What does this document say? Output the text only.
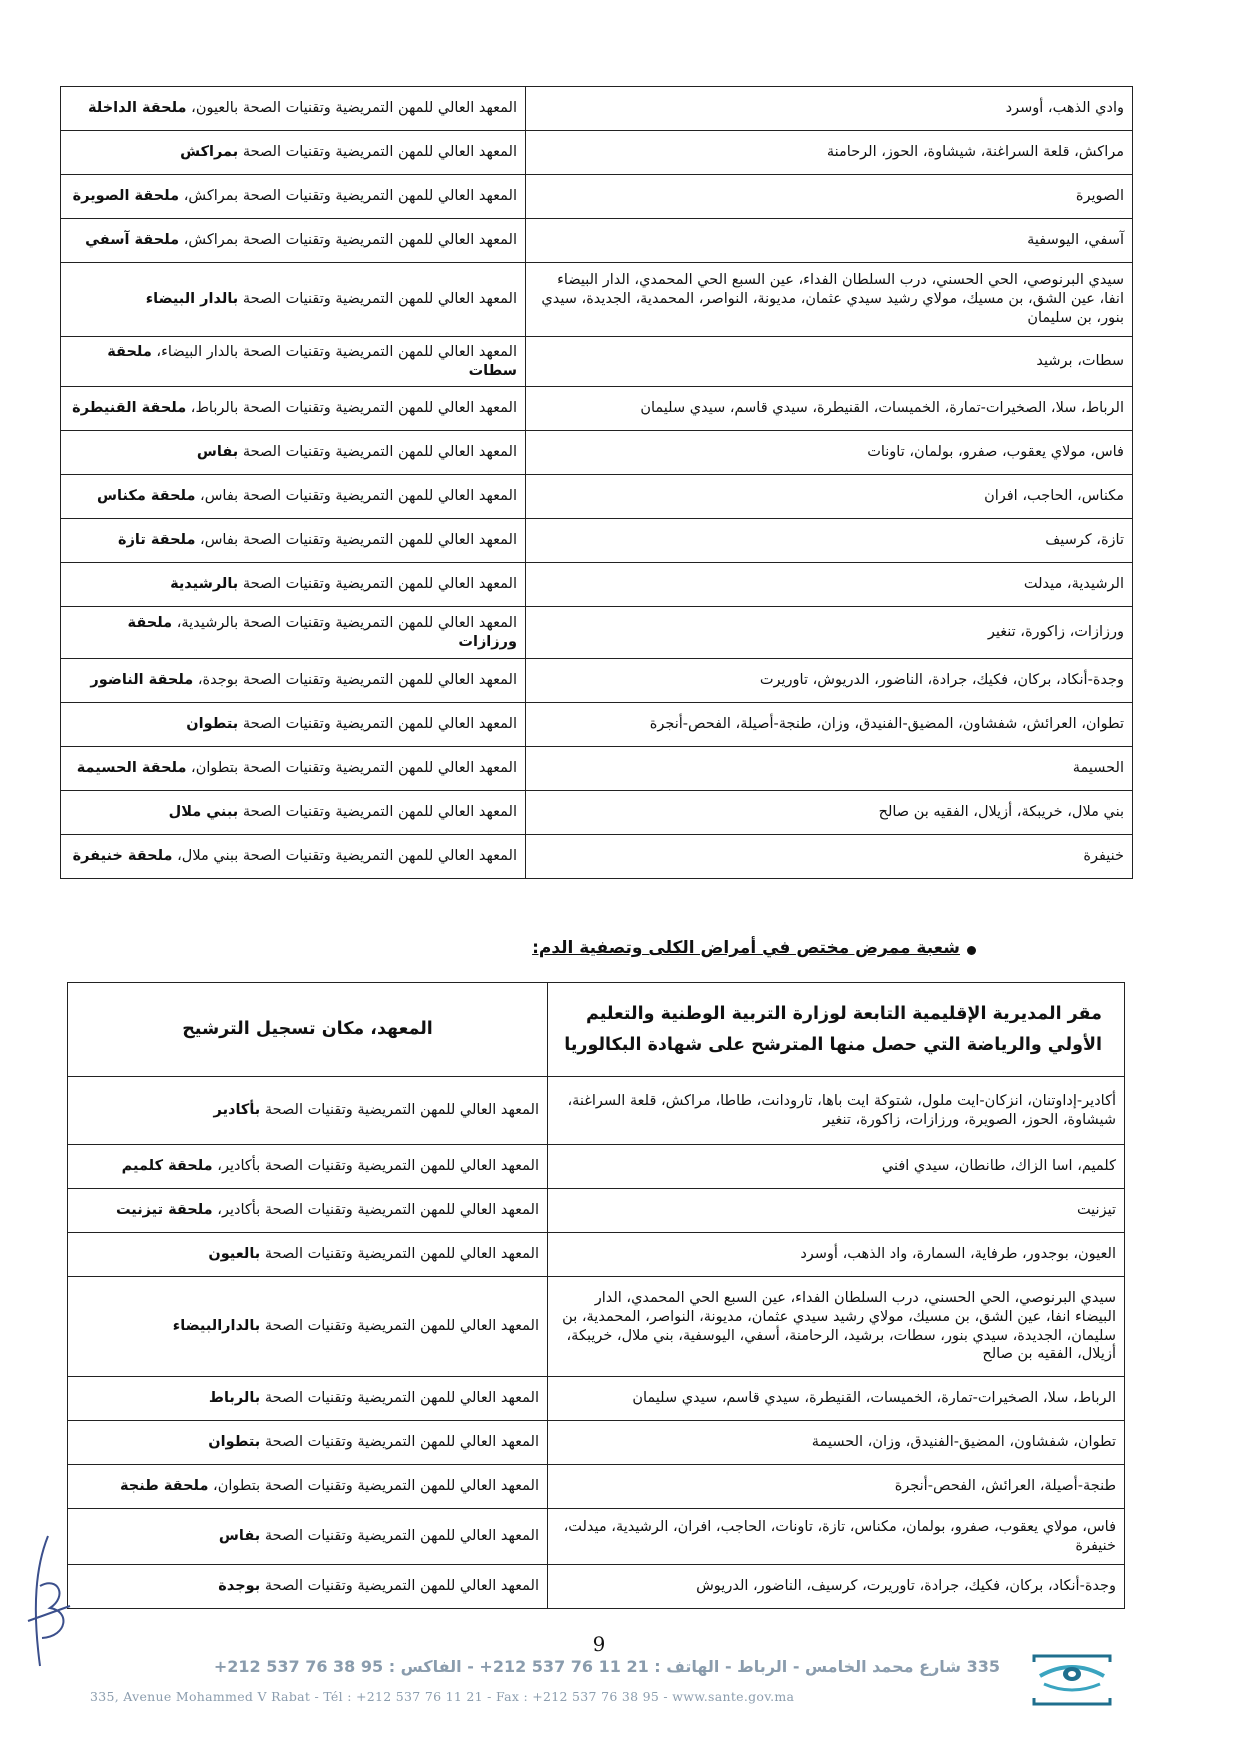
المعهد العالي للمهن التمريضية وتقنيات الصحة بالعيون، ملحقة الداخلة	وادي الذهب، أوسرد
المعهد العالي للمهن التمريضية وتقنيات الصحة بمراكش	مراكش، قلعة السراغنة، شيشاوة، الحوز، الرحامنة
المعهد العالي للمهن التمريضية وتقنيات الصحة بمراكش، ملحقة الصويرة	الصويرة
المعهد العالي للمهن التمريضية وتقنيات الصحة بمراكش، ملحقة آسفي	آسفي، اليوسفية
المعهد العالي للمهن التمريضية وتقنيات الصحة بالدار البيضاء	سيدي البرنوصي، الحي الحسني، درب السلطان الفداء، عين السبع الحي المحمدي، الدار البيضاء انفا، عين الشق، بن مسيك، مولاي رشيد سيدي عثمان، مديونة، النواصر، المحمدية، الجديدة، سيدي بنور، بن سليمان
المعهد العالي للمهن التمريضية وتقنيات الصحة بالدار البيضاء، ملحقة سطات	سطات، برشيد
المعهد العالي للمهن التمريضية وتقنيات الصحة بالرباط، ملحقة القنيطرة	الرباط، سلا، الصخيرات-تمارة، الخميسات، القنيطرة، سيدي قاسم، سيدي سليمان
المعهد العالي للمهن التمريضية وتقنيات الصحة بفاس	فاس، مولاي يعقوب، صفرو، بولمان، تاونات
المعهد العالي للمهن التمريضية وتقنيات الصحة بفاس، ملحقة مكناس	مكناس، الحاجب، افران
المعهد العالي للمهن التمريضية وتقنيات الصحة بفاس، ملحقة تازة	تازة، كرسيف
المعهد العالي للمهن التمريضية وتقنيات الصحة بالرشيدية	الرشيدية، ميدلت
المعهد العالي للمهن التمريضية وتقنيات الصحة بالرشيدية، ملحقة ورزازات	ورزازات، زاكورة، تنغير
المعهد العالي للمهن التمريضية وتقنيات الصحة بوجدة، ملحقة الناضور	وجدة-أنكاد، بركان، فكيك، جرادة، الناضور، الدريوش، تاوريرت
المعهد العالي للمهن التمريضية وتقنيات الصحة بتطوان	تطوان، العرائش، شفشاون، المضيق-الفنيدق، وزان، طنجة-أصيلة، الفحص-أنجرة
المعهد العالي للمهن التمريضية وتقنيات الصحة بتطوان، ملحقة الحسيمة	الحسيمة
المعهد العالي للمهن التمريضية وتقنيات الصحة ببني ملال	بني ملال، خريبكة، أزيلال، الفقيه بن صالح
المعهد العالي للمهن التمريضية وتقنيات الصحة ببني ملال، ملحقة خنيفرة	خنيفرة
شعبة ممرض مختص في أمراض الكلى وتصفية الدم:
المعهد، مكان تسجيل الترشيح	مقر المديرية الإقليمية التابعة لوزارة التربية الوطنية والتعليم الأولي والرياضة التي حصل منها المترشح على شهادة البكالوريا
المعهد العالي للمهن التمريضية وتقنيات الصحة بأكادير	أكادير-إداوتنان، انزكان-ايت ملول، شتوكة ايت باها، تارودانت، طاطا، مراكش، قلعة السراغنة، شيشاوة، الحوز، الصويرة، ورزازات، زاكورة، تنغير
المعهد العالي للمهن التمريضية وتقنيات الصحة بأكادير، ملحقة كلميم	كلميم، اسا الزاك، طانطان، سيدي افني
المعهد العالي للمهن التمريضية وتقنيات الصحة بأكادير، ملحقة تيزنيت	تيزنيت
المعهد العالي للمهن التمريضية وتقنيات الصحة بالعيون	العيون، بوجدور، طرفاية، السمارة، واد الذهب، أوسرد
المعهد العالي للمهن التمريضية وتقنيات الصحة بالدارالبيضاء	سيدي البرنوصي، الحي الحسني، درب السلطان الفداء، عين السبع الحي المحمدي، الدار البيضاء انفا، عين الشق، بن مسيك، مولاي رشيد سيدي عثمان، مديونة، النواصر، المحمدية، بن سليمان، الجديدة، سيدي بنور، سطات، برشيد، الرحامنة، أسفي، اليوسفية، بني ملال، خريبكة، أزيلال، الفقيه بن صالح
المعهد العالي للمهن التمريضية وتقنيات الصحة بالرباط	الرباط، سلا، الصخيرات-تمارة، الخميسات، القنيطرة، سيدي قاسم، سيدي سليمان
المعهد العالي للمهن التمريضية وتقنيات الصحة بتطوان	تطوان، شفشاون، المضيق-الفنيدق، وزان، الحسيمة
المعهد العالي للمهن التمريضية وتقنيات الصحة بتطوان، ملحقة طنجة	طنجة-أصيلة، العرائش، الفحص-أنجرة
المعهد العالي للمهن التمريضية وتقنيات الصحة بفاس	فاس، مولاي يعقوب، صفرو، بولمان، مكناس، تازة، تاونات، الحاجب، افران، الرشيدية، ميدلت، خنيفرة
المعهد العالي للمهن التمريضية وتقنيات الصحة بوجدة	وجدة-أنكاد، بركان، فكيك، جرادة، تاوريرت، كرسيف، الناضور، الدريوش
9
335 شارع محمد الخامس - الرباط - الهاتف : 21 11 76 537 212+ - الفاكس : 95 38 76 537 212+
335, Avenue Mohammed V Rabat - Tél : +212 537 76 11 21 - Fax : +212 537 76 38 95 - www.sante.gov.ma
